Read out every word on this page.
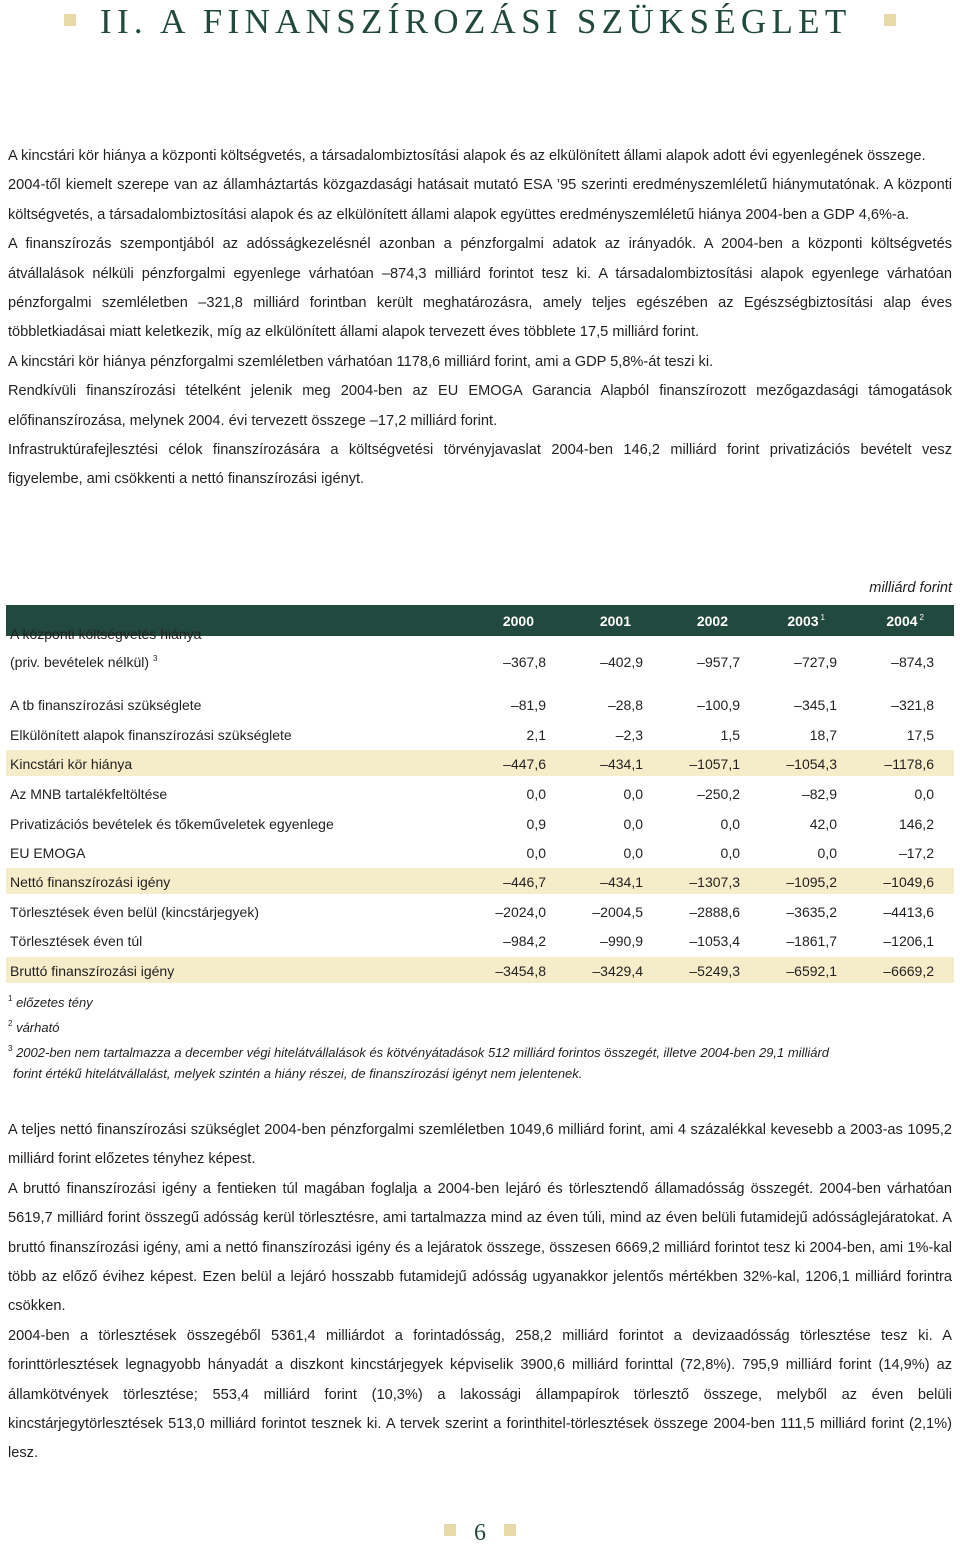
II. A FINANSZÍROZÁSI SZÜKSÉGLET

A kincstári kör hiánya a központi költségvetés, a társadalombiztosítási alapok és az elkülönített állami alapok adott évi egyenlegének összege.

2004-től kiemelt szerepe van az államháztartás közgazdasági hatásait mutató ESA ’95 szerinti eredményszemléletű hiánymutatónak. A központi költségvetés, a társadalombiztosítási alapok és az elkülönített állami alapok együttes eredményszemléletű hiánya 2004-ben a GDP 4,6%-a.

A finanszírozás szempontjából az adósságkezelésnél azonban a pénzforgalmi adatok az irányadók. A 2004-ben a központi költségvetés átvállalások nélküli pénzforgalmi egyenlege várhatóan –874,3 milliárd forintot tesz ki. A társadalombiztosítási alapok egyenlege várhatóan pénzforgalmi szemléletben –321,8 milliárd forintban került meghatározásra, amely teljes egészében az Egészségbiztosítási alap éves többletkiadásai miatt keletkezik, míg az elkülönített állami alapok tervezett éves többlete 17,5 milliárd forint.

A kincstári kör hiánya pénzforgalmi szemléletben várhatóan 1178,6 milliárd forint, ami a GDP 5,8%-át teszi ki.

Rendkívüli finanszírozási tételként jelenik meg 2004-ben az EU EMOGA Garancia Alapból finanszírozott mezőgazdasági támogatások előfinanszírozása, melynek 2004. évi tervezett összege –17,2 milliárd forint.

Infrastruktúrafejlesztési célok finanszírozására a költségvetési törvényjavaslat 2004-ben 146,2 milliárd forint privatizációs bevételt vesz figyelembe, ami csökkenti a nettó finanszírozási igényt.

milliárd forint
2000	2001	2002	2003 $^1$	2004 $^2$
A központi költségvetés hiánya
(priv. bevételek nélkül) $^3$	–367,8	–402,9	–957,7	–727,9	–874,3
A tb finanszírozási szükséglete	–81,9	–28,8	–100,9	–345,1	–321,8
Elkülönített alapok finanszírozási szükséglete	2,1	–2,3	1,5	18,7	17,5
Kincstári kör hiánya	–447,6	–434,1	–1057,1	–1054,3	–1178,6
Az MNB tartalékfeltöltése	0,0	0,0	–250,2	–82,9	0,0
Privatizációs bevételek és tőkeműveletek egyenlege	0,9	0,0	0,0	42,0	146,2
EU EMOGA	0,0	0,0	0,0	0,0	–17,2
Nettó finanszírozási igény	–446,7	–434,1	–1307,3	–1095,2	–1049,6
Törlesztések éven belül (kincstárjegyek)	–2024,0	–2004,5	–2888,6	–3635,2	–4413,6
Törlesztések éven túl	–984,2	–990,9	–1053,4	–1861,7	–1206,1
Bruttó finanszírozási igény	–3454,8	–3429,4	–5249,3	–6592,1	–6669,2
$^1$ előzetes tény
$^2$ várható
$^3$ 2002-ben nem tartalmazza a december végi hitelátvállalások és kötvényátadások 512 milliárd forintos összegét, illetve 2004-ben 29,1 milliárd
forint értékű hitelátvállalást, melyek szintén a hiány részei, de finanszírozási igényt nem jelentenek.

A teljes nettó finanszírozási szükséglet 2004-ben pénzforgalmi szemléletben 1049,6 milliárd forint, ami 4 százalékkal kevesebb a 2003-as 1095,2 milliárd forint előzetes tényhez képest.

A bruttó finanszírozási igény a fentieken túl magában foglalja a 2004-ben lejáró és törlesztendő államadósság összegét. 2004-ben várhatóan 5619,7 milliárd forint összegű adósság kerül törlesztésre, ami tartalmazza mind az éven túli, mind az éven belüli futamidejű adósságlejáratokat. A bruttó finanszírozási igény, ami a nettó finanszírozási igény és a lejáratok összege, összesen 6669,2 milliárd forintot tesz ki 2004-ben, ami 1%-kal több az előző évihez képest. Ezen belül a lejáró hosszabb futamidejű adósság ugyanakkor jelentős mértékben 32%-kal, 1206,1 milliárd forintra csökken.

2004-ben a törlesztések összegéből 5361,4 milliárdot a forintadósság, 258,2 milliárd forintot a devizaadósság törlesztése tesz ki. A forinttörlesztések legnagyobb hányadát a diszkont kincstárjegyek képviselik 3900,6 milliárd forinttal (72,8%). 795,9 milliárd forint (14,9%) az államkötvények törlesztése; 553,4 milliárd forint (10,3%) a lakossági állampapírok törlesztő összege, melyből az éven belüli kincstárjegytörlesztések 513,0 milliárd forintot tesznek ki. A tervek szerint a forinthitel-törlesztések összege 2004-ben 111,5 milliárd forint (2,1%) lesz.

6
